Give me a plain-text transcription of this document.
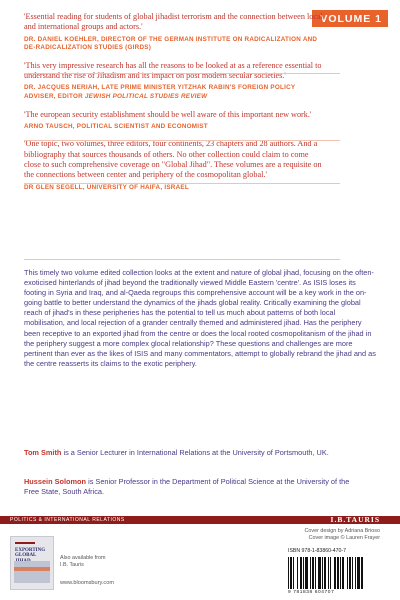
VOLUME 1

'Essential reading for students of global jihadist terrorism and the connection between local and international groups and actors.'

DR. DANIEL KOEHLER, DIRECTOR OF THE GERMAN INSTITUTE ON RADICALIZATION AND DE-RADICALIZATION STUDIES (GIRDS)

'This very impressive research has all the reasons to be looked at as a reference essential to understand the rise of Jihadism and its impact on post modern secular societies.'

DR. JACQUES NERIAH, LATE PRIME MINISTER YITZHAK RABIN'S FOREIGN POLICY ADVISER, EDITOR JEWISH POLITICAL STUDIES REVIEW

'The european security establishment should be well aware of this important new work.'

ARNO TAUSCH, POLITICAL SCIENTIST AND ECONOMIST

'One topic, two volumes, three editors, four continents, 23 chapters and 28 authors. And a bibliography that sources thousands of others. No other collection could claim to come close to such comprehensive coverage on "Global Jihad". These volumes are a requisite on the connections between center and periphery of the cosmopolitan global.'

DR GLEN SEGELL, UNIVERSITY OF HAIFA, ISRAEL

This timely two volume edited collection looks at the extent and nature of global jihad, focusing on the often-exoticised hinterlands of jihad beyond the traditionally viewed Middle Eastern 'centre'. As ISIS loses its footing in Syria and Iraq, and al-Qaeda regroups this comprehensive account will be a key work in the on-going battle to better understand the dynamics of the jihads global reality. Critically examining the global reach of jihad's in these peripheries has the potential to tell us much about patterns of both local mobilisation, and local rejection of a grander centrally themed and administered jihad. Has the periphery been receptive to an exported jihad from the centre or does the local rooted cosmopolitanism of the jihad in the periphery suggest a more complex glocal relationship? These questions and challenges are more pertinent than ever as the likes of ISIS and many commentators, attempt to globally rebrand the jihad and as the centre reasserts its claims to the exotic periphery.

Tom Smith is a Senior Lecturer in International Relations at the University of Portsmouth, UK.

Hussein Solomon is Senior Professor in the Department of Political Science at the University of the Free State, South Africa.

POLITICS & INTERNATIONAL RELATIONS	I.B.TAURIS
EXPORTING GLOBAL	Also available from
I.B. Tauris

www.bloomsbury.com

Cover design by Adriana Brioso
Cover image © Lauren Frayer

ISBN 978-1-83860-470-7
9 781838 604707
